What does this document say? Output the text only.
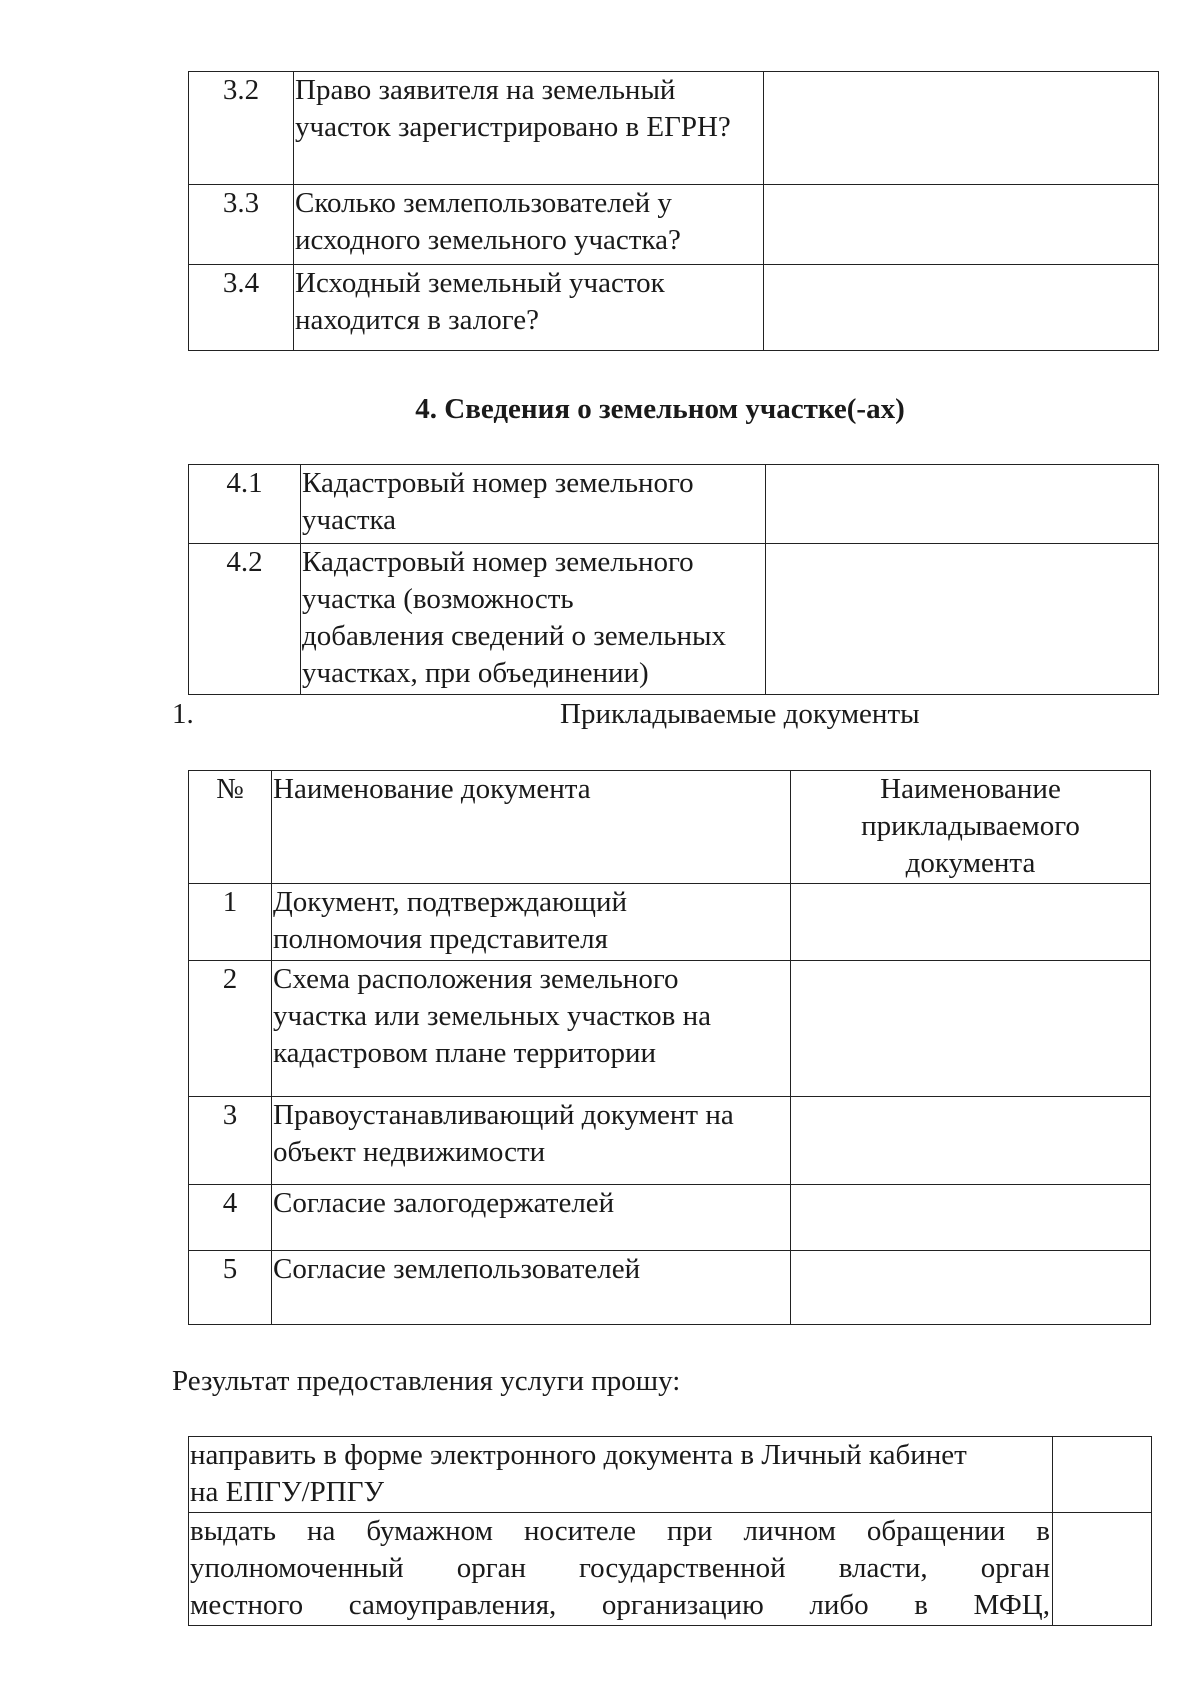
3.2	Право заявителя на земельный
участок зарегистрировано в ЕГРН?	
3.3	Сколько землепользователей у
исходного земельного участка?	
3.4	Исходный земельный участок
находится в залоге?	
4. Сведения о земельном участке(-ах)
4.1	Кадастровый номер земельного
участка	
4.2	Кадастровый номер земельного
участка (возможность
добавления сведений о земельных
участках, при объединении)	
1.	Прикладываемые документы
№	Наименование документа	Наименование
прикладываемого
документа
1	Документ, подтверждающий
полномочия представителя	
2	Схема расположения земельного
участка или земельных участков на
кадастровом плане территории	
3	Правоустанавливающий документ на
объект недвижимости	
4	Согласие залогодержателей	
5	Согласие землепользователей	
Результат предоставления услуги прошу:
направить в форме электронного документа в Личный кабинет
на ЕПГУ/РПГУ	

выдать на бумажном носителе при личном обращении в
уполномоченный орган государственной власти, орган
местного самоуправления, организацию либо в МФЦ,	
